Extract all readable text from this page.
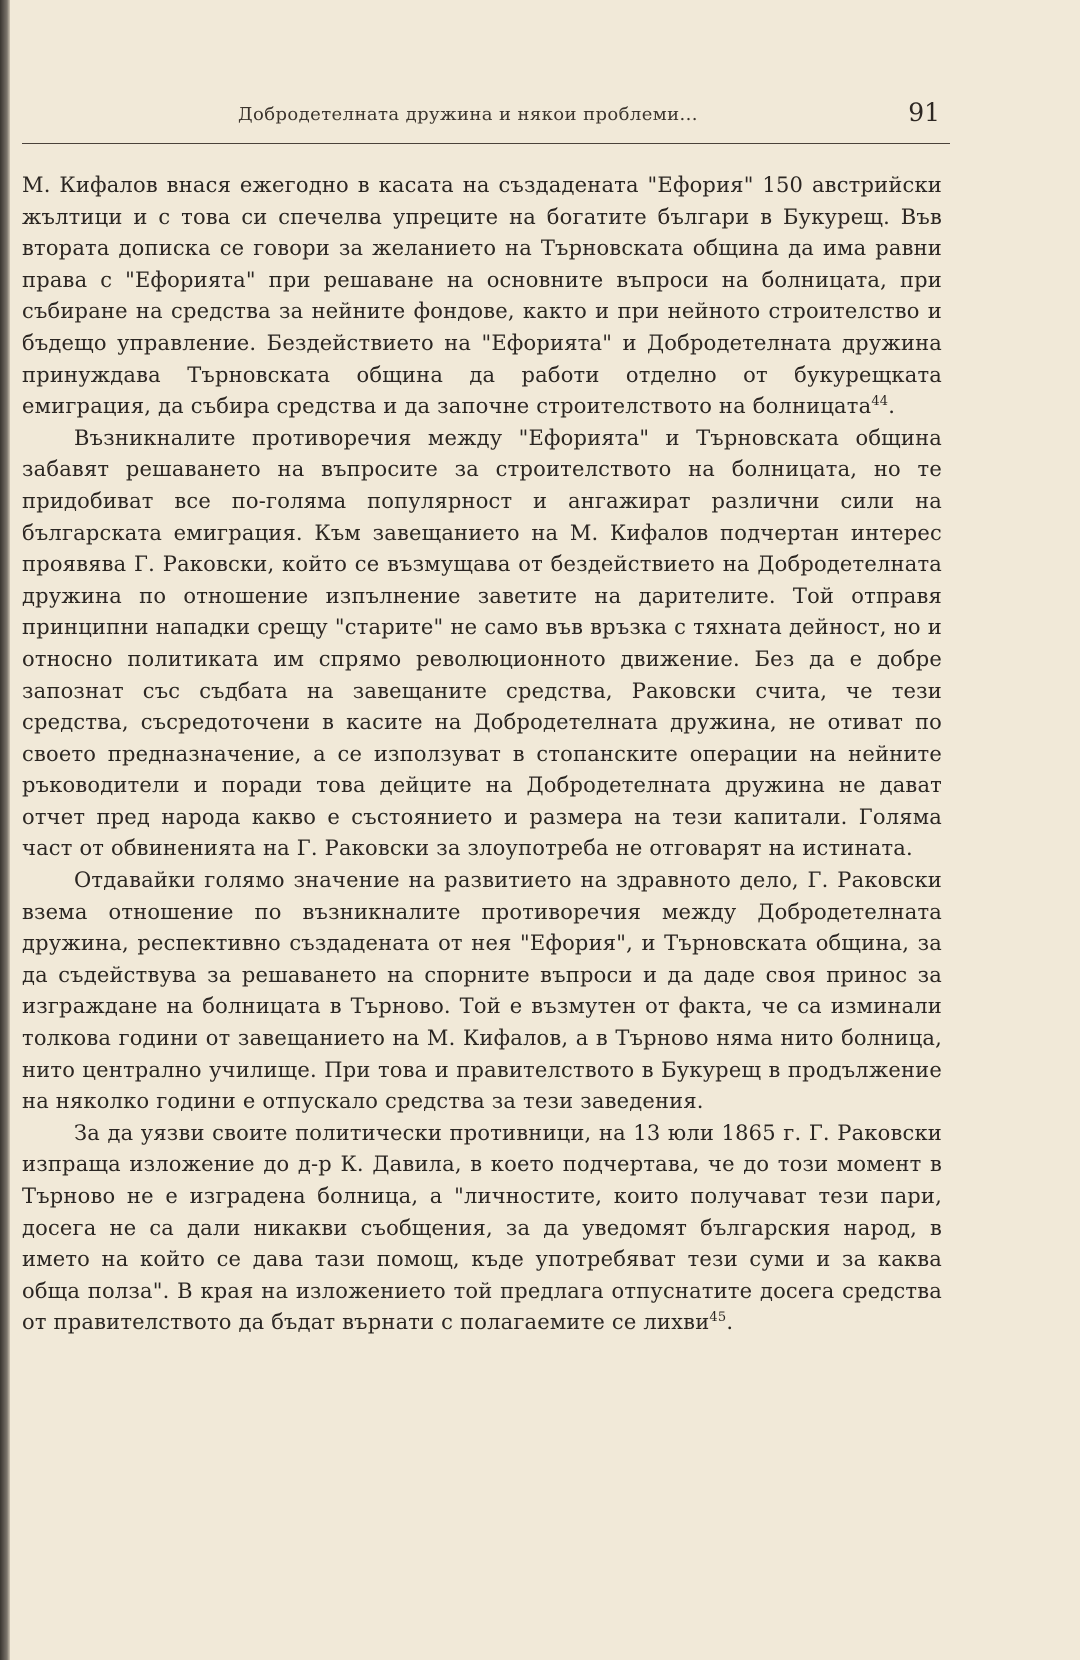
Добродетелната дружина и някои проблеми...	91

М. Кифалов внася ежегодно в касата на създадената "Ефория" 150 австрийски жълтици и с това си спечелва упреците на богатите българи в Букурещ. Във втората дописка се говори за желанието на Търновската община да има равни права с "Ефорията" при решаване на основните въпроси на болницата, при събиране на средства за нейните фондове, както и при нейното строителство и бъдещо управление. Бездействието на "Ефорията" и Добродетелната дружина принуждава Търновската община да работи отделно от букурещката емиграция, да събира средства и да започне строителството на болницата$^{44}$.

Възникналите противоречия между "Ефорията" и Търновската община забавят решаването на въпросите за строителството на болницата, но те придобиват все по-голяма популярност и ангажират различни сили на българската емиграция. Към завещанието на М. Кифалов подчертан интерес проявява Г. Раковски, който се възмущава от бездействието на Добродетелната дружина по отношение изпълнение заветите на дарителите. Той отправя принципни нападки срещу "старите" не само във връзка с тяхната дейност, но и относно политиката им спрямо революционното движение. Без да е добре запознат със съдбата на завещаните средства, Раковски счита, че тези средства, съсредоточени в касите на Добродетелната дружина, не отиват по своето предназначение, а се използуват в стопанските операции на нейните ръководители и поради това дейците на Добродетелната дружина не дават отчет пред народа какво е състоянието и размера на тези капитали. Голяма част от обвиненията на Г. Раковски за злоупотреба не отговарят на истината.

Отдавайки голямо значение на развитието на здравното дело, Г. Раковски взема отношение по възникналите противоречия между Добродетелната дружина, респективно създадената от нея "Ефория", и Търновската община, за да съдействува за решаването на спорните въпроси и да даде своя принос за изграждане на болницата в Търново. Той е възмутен от факта, че са изминали толкова години от завещанието на М. Кифалов, а в Търново няма нито болница, нито централно училище. При това и правителството в Букурещ в продължение на няколко години е отпускало средства за тези заведения.

За да уязви своите политически противници, на 13 юли 1865 г. Г. Раковски изпраща изложение до д-р К. Давила, в което подчертава, че до този момент в Търново не е изградена болница, а "личностите, които получават тези пари, досега не са дали никакви съобщения, за да уведомят българския народ, в името на който се дава тази помощ, къде употребяват тези суми и за каква обща полза". В края на изложението той предлага отпуснатите досега средства от правителството да бъдат върнати с полагаемите се лихви$^{45}$.
